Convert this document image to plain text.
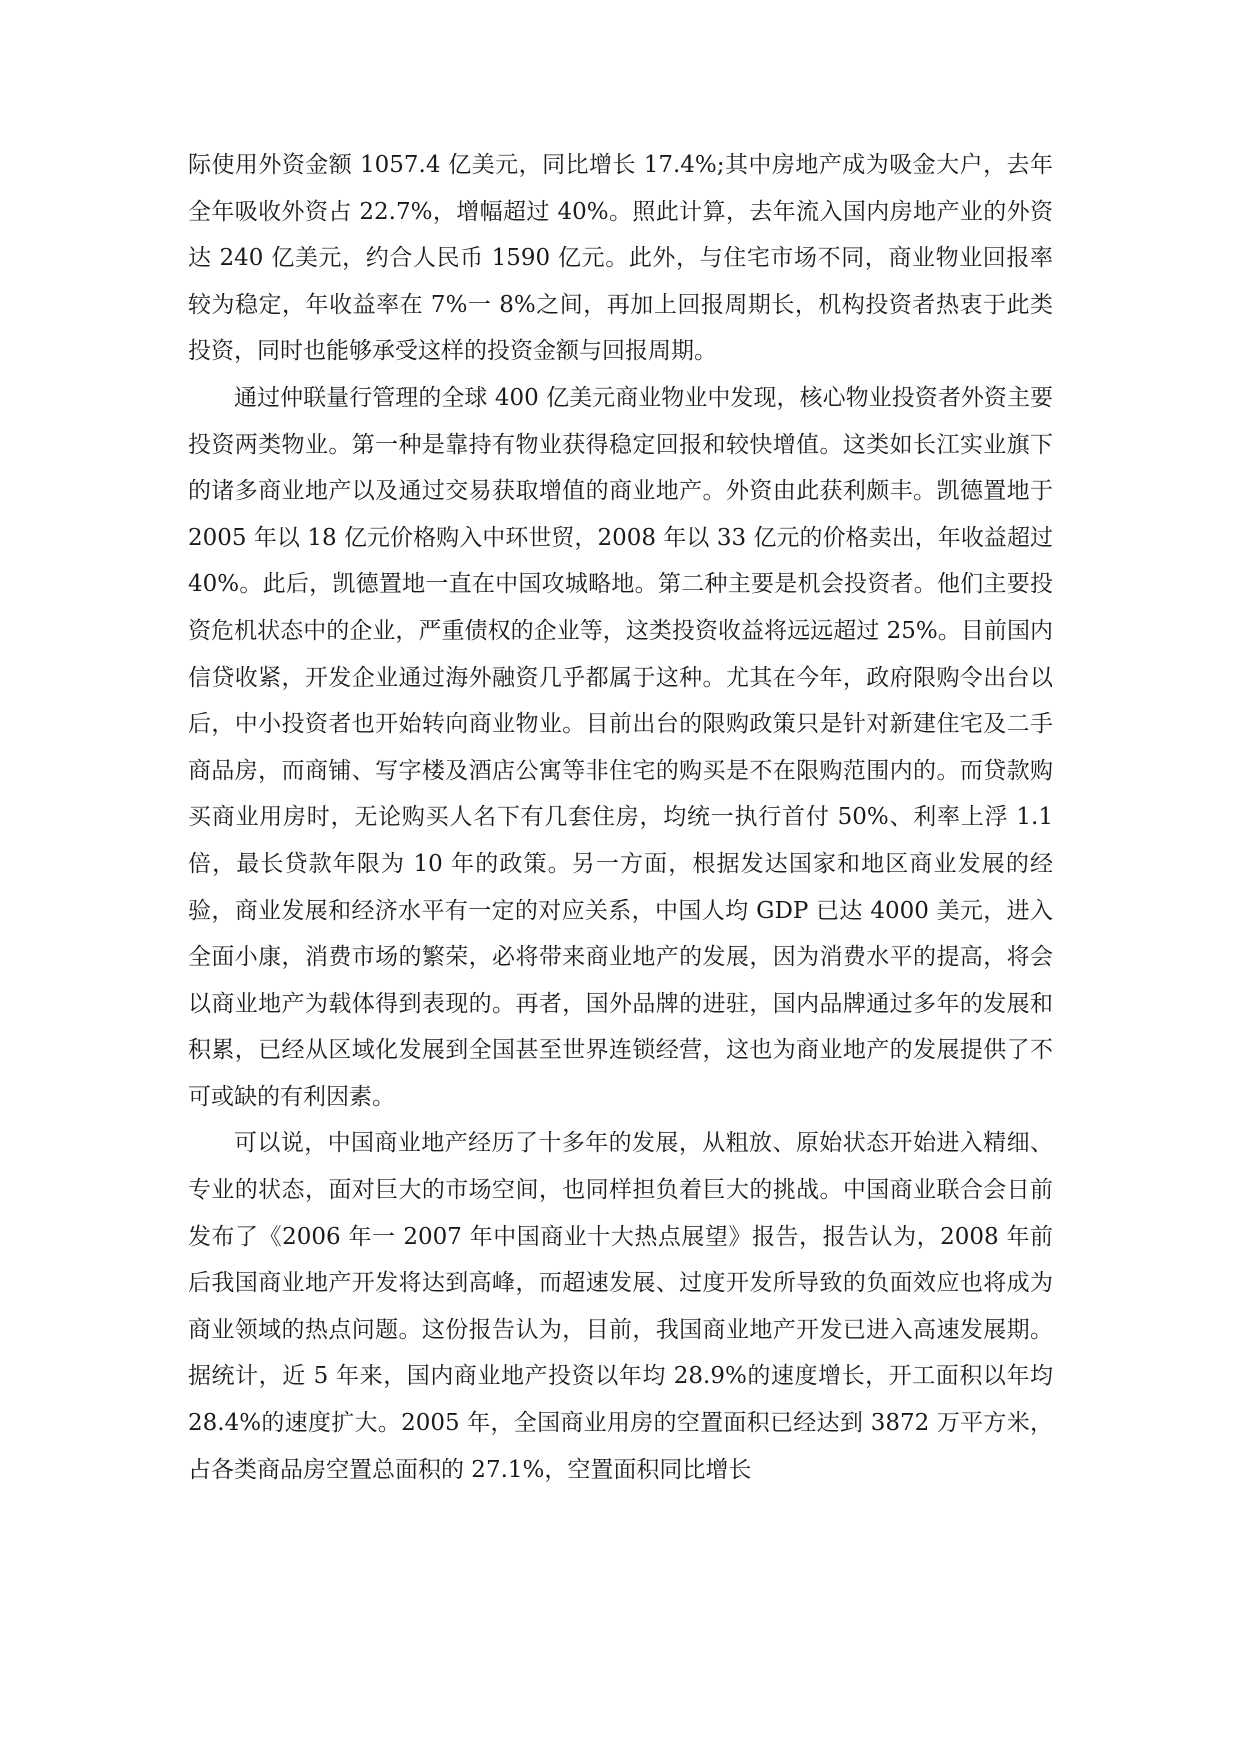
际使用外资金额 1057.4 亿美元，同比增长 17.4%;其中房地产成为吸金大户，去年全年吸收外资占 22.7%，增幅超过 40%。照此计算，去年流入国内房地产业的外资达 240 亿美元，约合人民币 1590 亿元。此外，与住宅市场不同，商业物业回报率较为稳定，年收益率在 7%一 8%之间，再加上回报周期长，机构投资者热衷于此类投资，同时也能够承受这样的投资金额与回报周期。

通过仲联量行管理的全球 400 亿美元商业物业中发现，核心物业投资者外资主要投资两类物业。第一种是靠持有物业获得稳定回报和较快增值。这类如长江实业旗下的诸多商业地产以及通过交易获取增值的商业地产。外资由此获利颇丰。凯德置地于 2005 年以 18 亿元价格购入中环世贸，2008 年以 33 亿元的价格卖出，年收益超过 40%。此后，凯德置地一直在中国攻城略地。第二种主要是机会投资者。他们主要投资危机状态中的企业，严重债权的企业等，这类投资收益将远远超过 25%。目前国内信贷收紧，开发企业通过海外融资几乎都属于这种。尤其在今年，政府限购令出台以后，中小投资者也开始转向商业物业。目前出台的限购政策只是针对新建住宅及二手商品房，而商铺、写字楼及酒店公寓等非住宅的购买是不在限购范围内的。而贷款购买商业用房时，无论购买人名下有几套住房，均统一执行首付 50%、利率上浮 1.1 倍，最长贷款年限为 10 年的政策。另一方面，根据发达国家和地区商业发展的经验，商业发展和经济水平有一定的对应关系，中国人均 GDP 已达 4000 美元，进入全面小康，消费市场的繁荣，必将带来商业地产的发展，因为消费水平的提高，将会以商业地产为载体得到表现的。再者，国外品牌的进驻，国内品牌通过多年的发展和积累，已经从区域化发展到全国甚至世界连锁经营，这也为商业地产的发展提供了不可或缺的有利因素。

可以说，中国商业地产经历了十多年的发展，从粗放、原始状态开始进入精细、专业的状态，面对巨大的市场空间，也同样担负着巨大的挑战。中国商业联合会日前发布了《2006 年一 2007 年中国商业十大热点展望》报告，报告认为，2008 年前后我国商业地产开发将达到高峰，而超速发展、过度开发所导致的负面效应也将成为商业领域的热点问题。这份报告认为，目前，我国商业地产开发已进入高速发展期。据统计，近 5 年来，国内商业地产投资以年均 28.9%的速度增长，开工面积以年均 28.4%的速度扩大。2005 年，全国商业用房的空置面积已经达到 3872 万平方米，占各类商品房空置总面积的 27.1%，空置面积同比增长
